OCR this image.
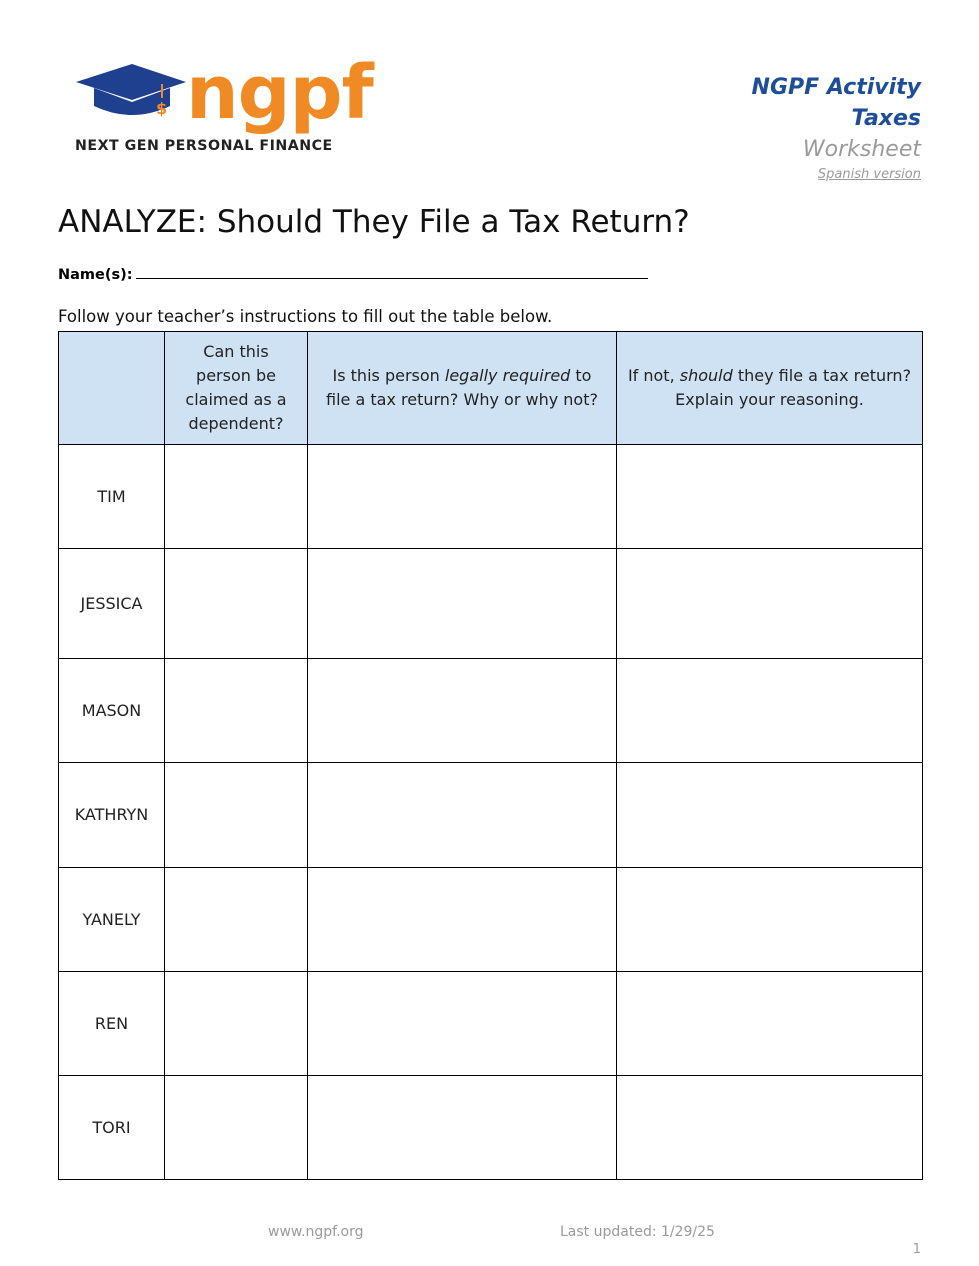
$ ngpf
NEXT GEN PERSONAL FINANCE
NGPF Activity
Taxes
Worksheet
Spanish version
ANALYZE: Should They File a Tax Return?
Name(s):
Follow your teacher’s instructions to fill out the table below.
	Can this person be claimed as a dependent?	Is this person legally required to file a tax return? Why or why not?	If not, should they file a tax return? Explain your reasoning.
TIM			
JESSICA			
MASON			
KATHRYN			
YANELY			
REN			
TORI			
www.ngpf.org	Last updated: 1/29/25
1
